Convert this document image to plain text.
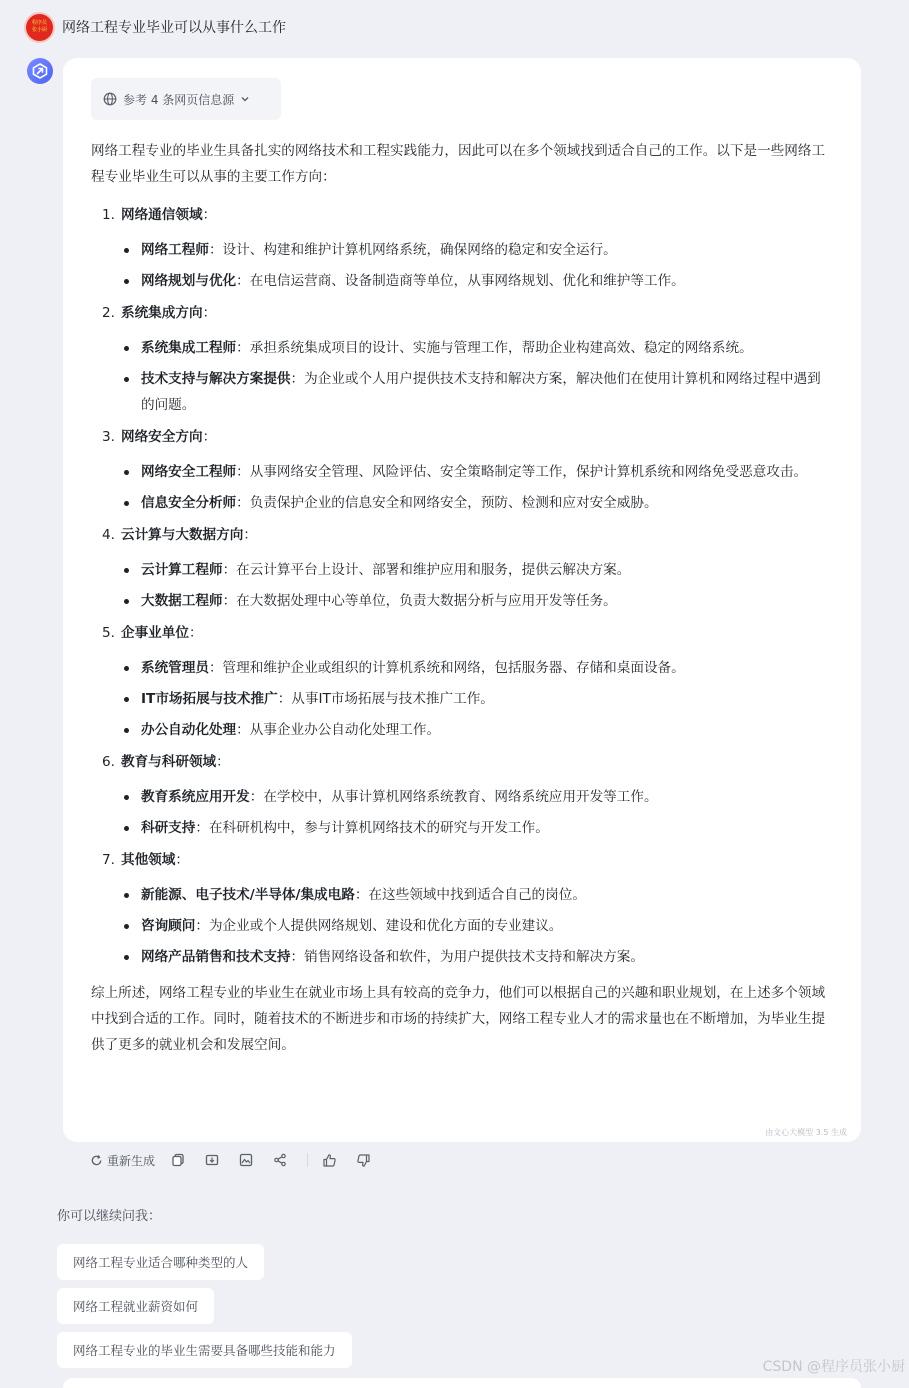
程序员
张小厨 网络工程专业毕业可以从事什么工作
参考 4 条网页信息源

网络工程专业的毕业生具备扎实的网络技术和工程实践能力，因此可以在多个领域找到适合自己的工作。以下是一些网络工程专业毕业生可以从事的主要工作方向：

1. 网络通信领域 ：
网络工程师：设计、构建和维护计算机网络系统，确保网络的稳定和安全运行。
网络规划与优化：在电信运营商、设备制造商等单位，从事网络规划、优化和维护等工作。
2. 系统集成方向 ：
系统集成工程师：承担系统集成项目的设计、实施与管理工作，帮助企业构建高效、稳定的网络系统。
技术支持与解决方案提供：为企业或个人用户提供技术支持和解决方案，解决他们在使用计算机和网络过程中遇到的问题。
3. 网络安全方向 ：
网络安全工程师：从事网络安全管理、风险评估、安全策略制定等工作，保护计算机系统和网络免受恶意攻击。
信息安全分析师：负责保护企业的信息安全和网络安全，预防、检测和应对安全威胁。
4. 云计算与大数据方向 ：
云计算工程师：在云计算平台上设计、部署和维护应用和服务，提供云解决方案。
大数据工程师：在大数据处理中心等单位，负责大数据分析与应用开发等任务。
5. 企事业单位 ：
系统管理员：管理和维护企业或组织的计算机系统和网络，包括服务器、存储和桌面设备。
IT市场拓展与技术推广：从事IT市场拓展与技术推广工作。
办公自动化处理：从事企业办公自动化处理工作。
6. 教育与科研领域 ：
教育系统应用开发：在学校中，从事计算机网络系统教育、网络系统应用开发等工作。
科研支持：在科研机构中，参与计算机网络技术的研究与开发工作。
7. 其他领域 ：
新能源、电子技术/半导体/集成电路：在这些领域中找到适合自己的岗位。
咨询顾问：为企业或个人提供网络规划、建设和优化方面的专业建议。
网络产品销售和技术支持：销售网络设备和软件，为用户提供技术支持和解决方案。

综上所述，网络工程专业的毕业生在就业市场上具有较高的竞争力，他们可以根据自己的兴趣和职业规划，在上述多个领域中找到合适的工作。同时，随着技术的不断进步和市场的持续扩大，网络工程专业人才的需求量也在不断增加，为毕业生提供了更多的就业机会和发展空间。

由文心大模型 3.5 生成
重新生成
你可以继续问我：
网络工程专业适合哪种类型的人
网络工程就业薪资如何
网络工程专业的毕业生需要具备哪些技能和能力
CSDN @程序员张小厨
